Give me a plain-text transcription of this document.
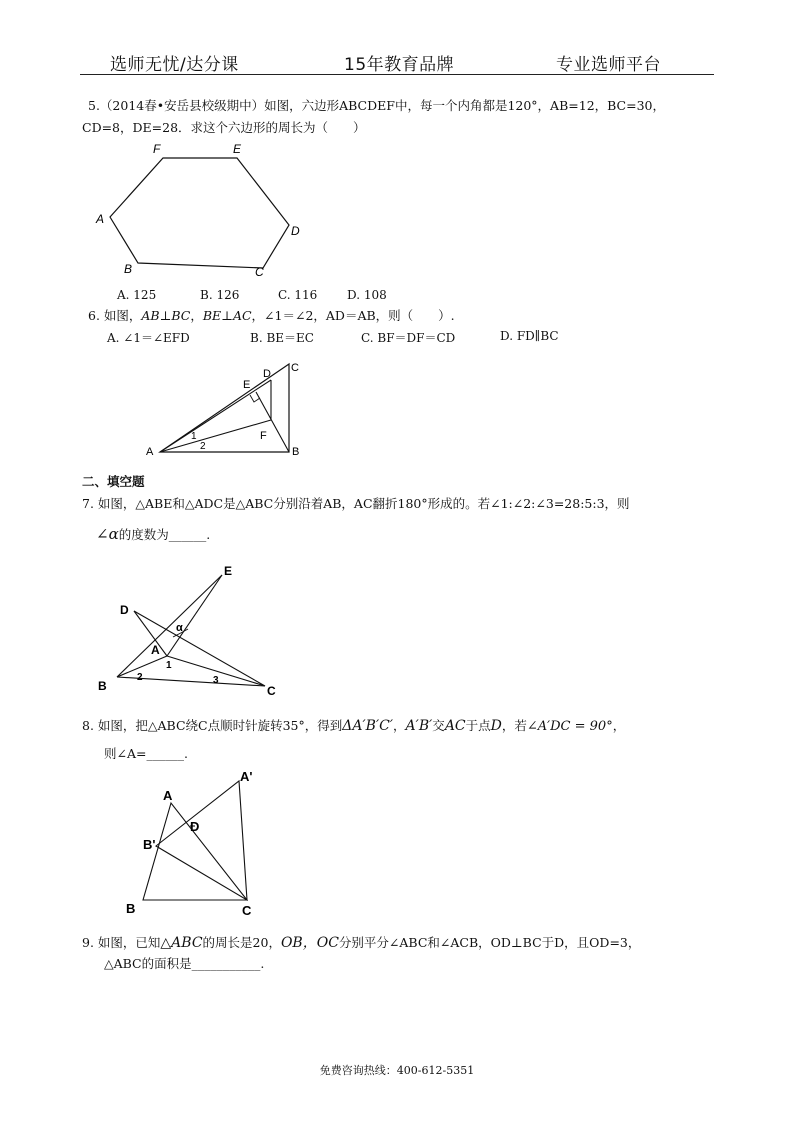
选师无忧/达分课	15年教育品牌	专业选师平台
5.（2014春•安岳县校级期中）如图，六边形ABCDEF中，每一个内角都是120°，AB=12，BC=30，
CD=8，DE=28．求这个六边形的周长为（　　）
A
B	C
D
E
F
A	B
C
D
E
F
1
2
B	C
A
D
E
1
2	3
α
A
A'
B'
D
B	C
A. 125	B. 126	C. 116 D. 108
6. 如图，AB⊥BC，BE⊥AC，∠1＝∠2，AD＝AB，则（　　）.
A. ∠1＝∠EFD	B. BE＝EC	C. BF＝DF＝CD	D. FD∥BC
二、填空题
7. 如图，△ABE和△ADC是△ABC分别沿着AB，AC翻折180°形成的。若∠1:∠2:∠3=28:5:3，则
∠α的度数为______.
8. 如图，把△ABC绕C点顺时针旋转35°，得到ΔA′B′C′，A′B′交AC于点D，若∠A′DC = 90°，
则∠A=______.
9. 如图，已知△ABC的周长是20，OB，OC分别平分∠ABC和∠ACB，OD⊥BC于D，且OD=3，
△ABC的面积是___________.
免费咨询热线：400-612-5351
